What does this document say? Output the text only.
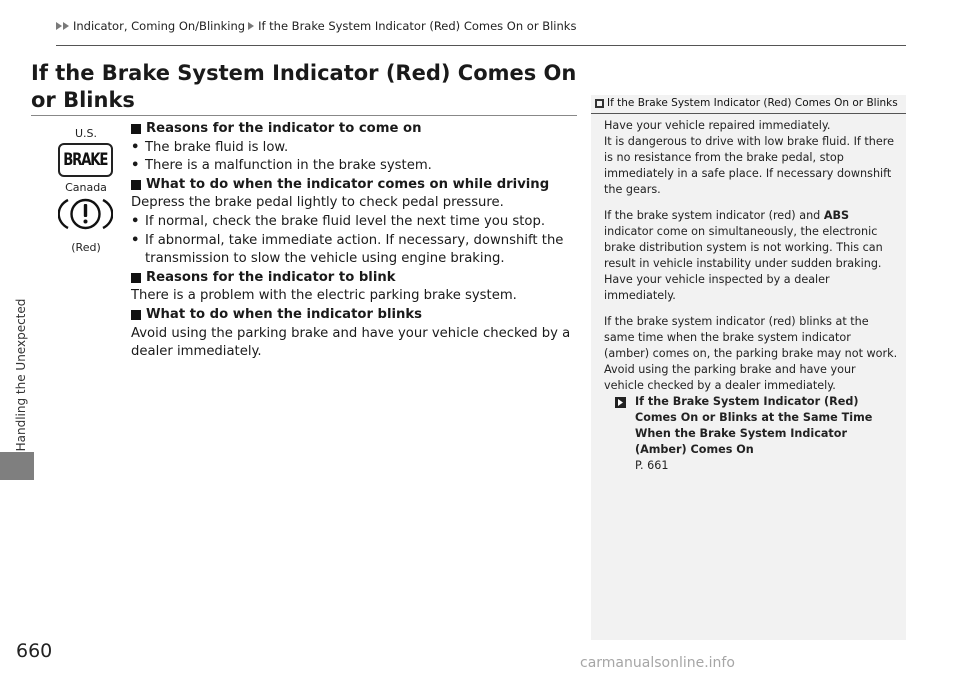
Indicator, Coming On/Blinking If the Brake System Indicator (Red) Comes On or Blinks
Handling the Unexpected
660
If the Brake System Indicator (Red) Comes On or Blinks
U.S.
BRAKE
Canada
(Red)
Reasons for the indicator to come on
• The brake fluid is low.
• There is a malfunction in the brake system.
What to do when the indicator comes on while driving
Depress the brake pedal lightly to check pedal pressure.
• If normal, check the brake fluid level the next time you stop.
• If abnormal, take immediate action. If necessary, downshift the transmission to slow the vehicle using engine braking.
Reasons for the indicator to blink
There is a problem with the electric parking brake system.
What to do when the indicator blinks
Avoid using the parking brake and have your vehicle checked by a dealer immediately.
If the Brake System Indicator (Red) Comes On or Blinks

Have your vehicle repaired immediately.

It is dangerous to drive with low brake fluid. If there is no resistance from the brake pedal, stop immediately in a safe place. If necessary downshift the gears.

If the brake system indicator (red) and ABS indicator come on simultaneously, the electronic brake distribution system is not working. This can result in vehicle instability under sudden braking.

Have your vehicle inspected by a dealer immediately.

If the brake system indicator (red) blinks at the same time when the brake system indicator (amber) comes on, the parking brake may not work.

Avoid using the parking brake and have your vehicle checked by a dealer immediately.

If the Brake System Indicator (Red) Comes On or Blinks at the Same Time When the Brake System Indicator (Amber) Comes On
P. 661
carmanualsonline.info
